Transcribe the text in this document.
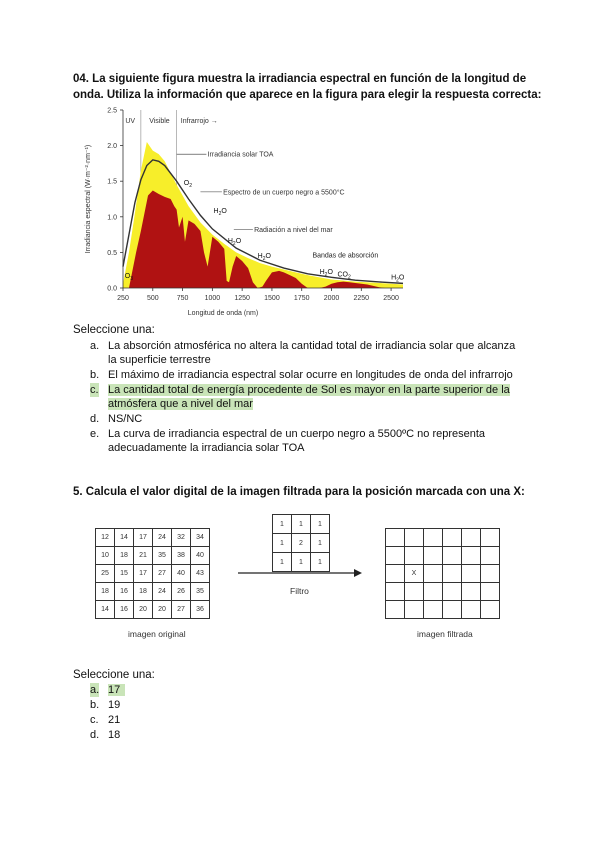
04. La siguiente figura muestra la irradiancia espectral en función de la longitud de

onda. Utiliza la información que aparece en la figura para elegir la respuesta correcta:

0.0
0.5
1.0
1.5
2.0
2.5
250	500	750 1000 1250 1500 1750 2000 2250 2500
Longitud de onda (nm)
Irradiancia espectral (W·m⁻²·nm⁻¹)
UV Visible Infrarrojo →
Irradiancia solar TOA
Espectro de un cuerpo negro a 5500°C
Radiación a nivel del mar
Bandas de absorción
$O_3$
$O_2$
$H_2O$
$H_2O$
$H_2O$
$H_2O$ $CO_2$	$H_2O$

Seleccione una:

a. La absorción atmosférica no altera la cantidad total de irradiancia solar que alcanza
la superficie terrestre
b. El máximo de irradiancia espectral solar ocurre en longitudes de onda del infrarrojo
c. La cantidad total de energía procedente de Sol es mayor en la parte superior de la
atmósfera que a nivel del mar
d. NS/NC
e. La curva de irradiancia espectral de un cuerpo negro a 5500ºC no representa
adecuadamente la irradiancia solar TOA

5. Calcula el valor digital de la imagen filtrada para la posición marcada con una X:

12	14	17	24	32	34
10	18	21	35	38	40
25	15	17	27	40	43
18	16	18	24	26	35
14	16	20	20	27	36
imagen original
1	1	1
1	2	1
1	1	1
Filtro

	X				

imagen filtrada

Seleccione una:

a. 17
b. 19
c. 21
d. 18
